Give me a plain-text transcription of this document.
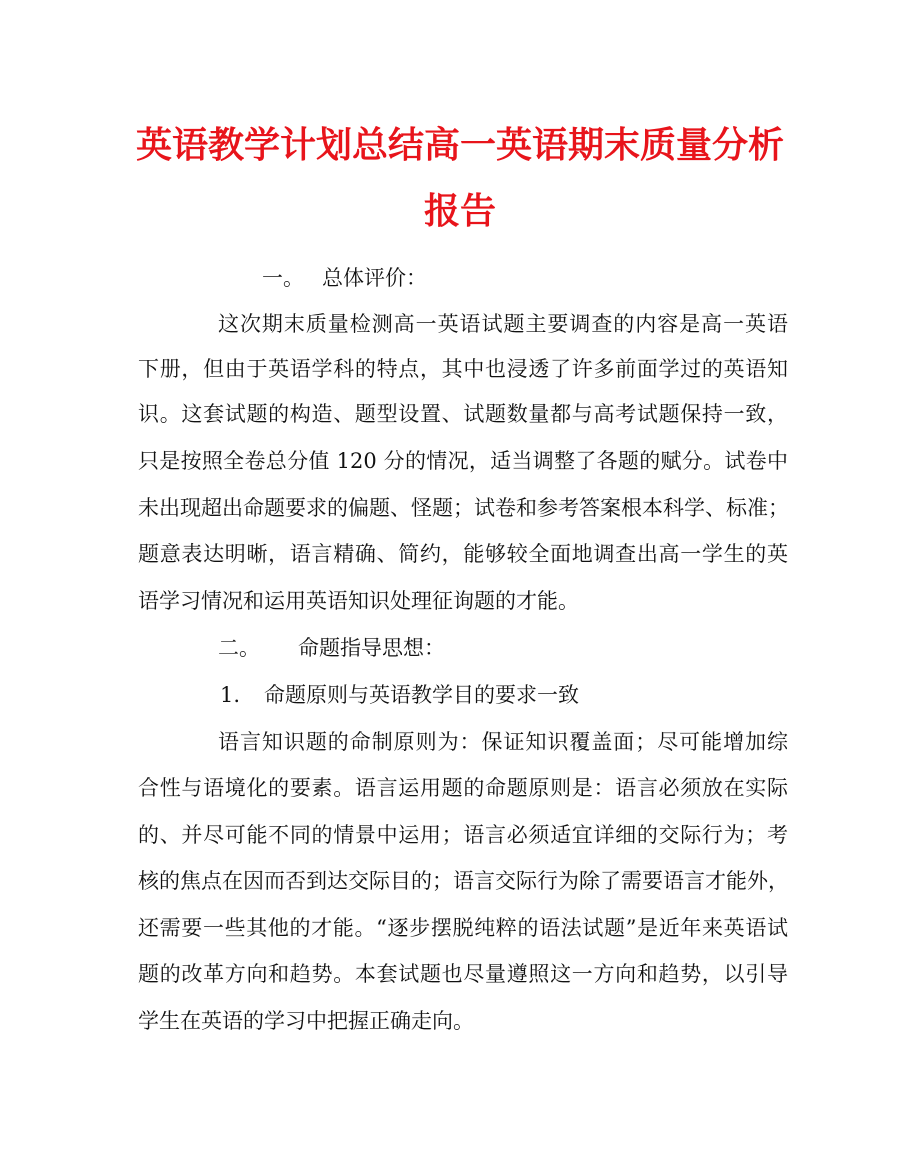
英语教学计划总结高一英语期末质量分析
报告
一。 总体评价：
这次期末质量检测高一英语试题主要调查的内容是高一英语
下册，但由于英语学科的特点，其中也浸透了许多前面学过的英语知
识。这套试题的构造、题型设置、试题数量都与高考试题保持一致，
只是按照全卷总分值 120 分的情况，适当调整了各题的赋分。试卷中
未出现超出命题要求的偏题、怪题；试卷和参考答案根本科学、标准；
题意表达明晰，语言精确、简约，能够较全面地调查出高一学生的英
语学习情况和运用英语知识处理征询题的才能。
二。 命题指导思想：
1. 命题原则与英语教学目的要求一致
语言知识题的命制原则为：保证知识覆盖面；尽可能增加综
合性与语境化的要素。语言运用题的命题原则是：语言必须放在实际
的、并尽可能不同的情景中运用；语言必须适宜详细的交际行为；考
核的焦点在因而否到达交际目的；语言交际行为除了需要语言才能外，
还需要一些其他的才能。“逐步摆脱纯粹的语法试题”是近年来英语试
题的改革方向和趋势。本套试题也尽量遵照这一方向和趋势，以引导
学生在英语的学习中把握正确走向。
